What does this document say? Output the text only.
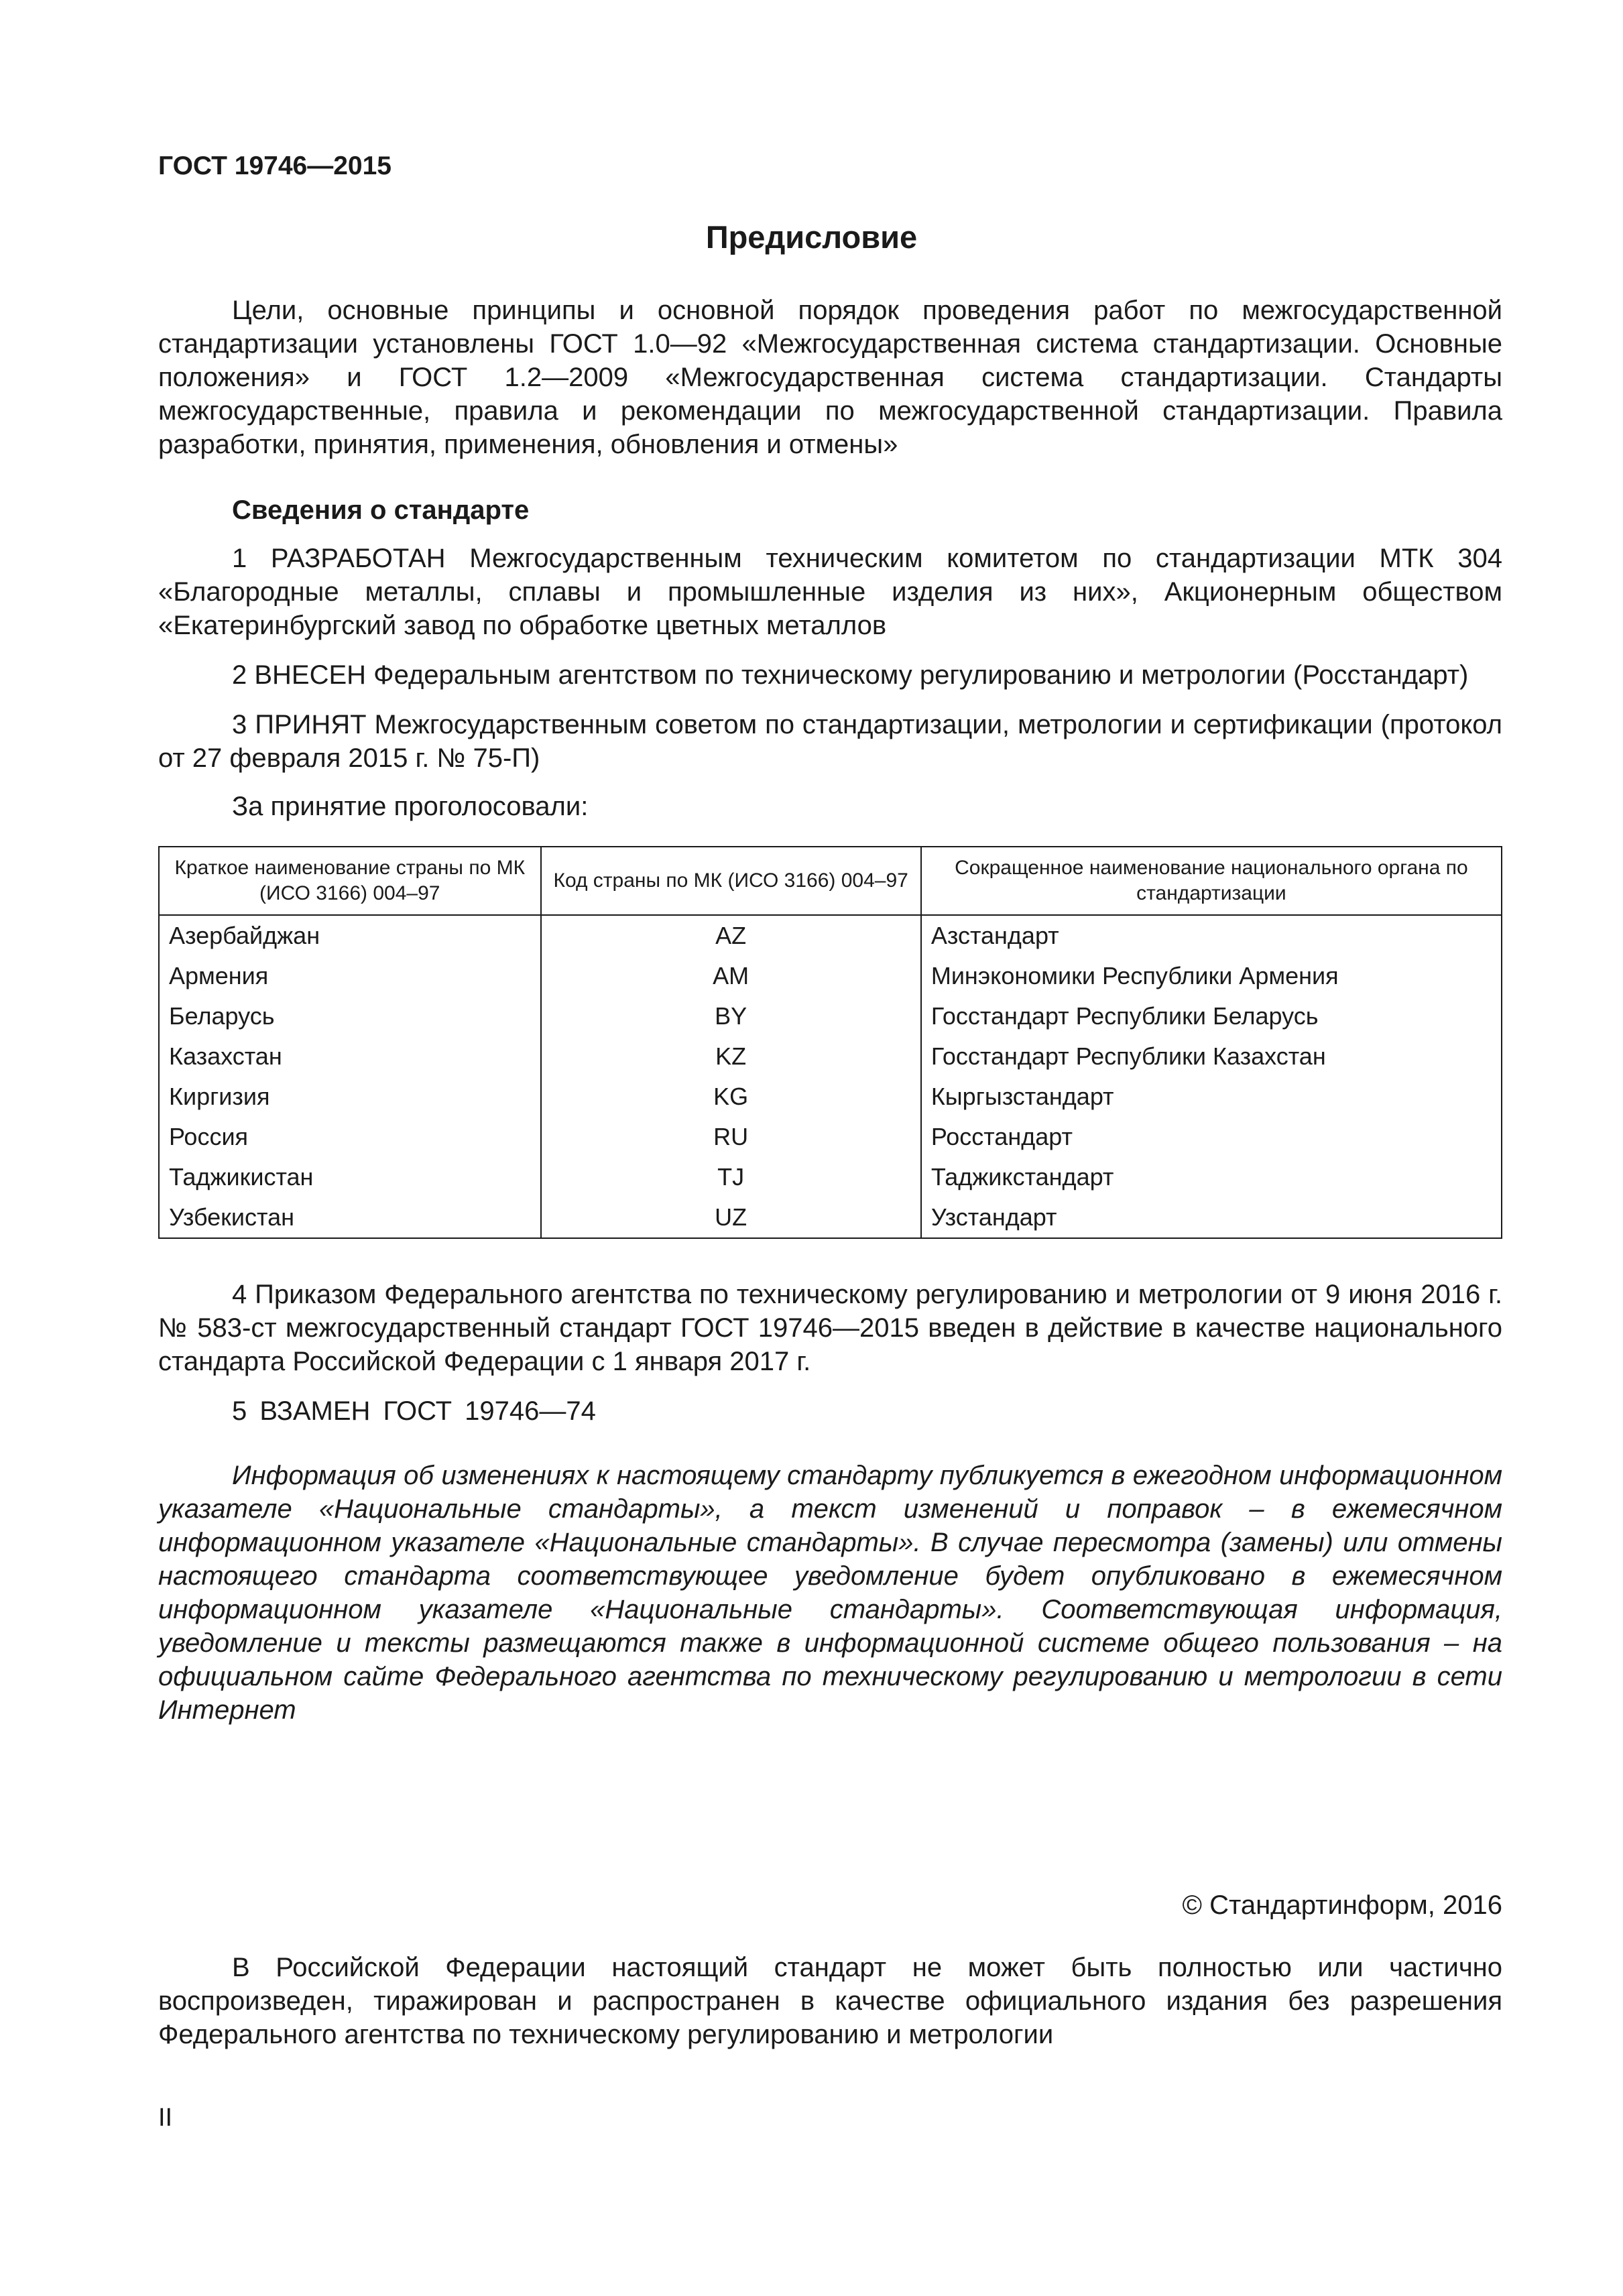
ГОСТ 19746—2015
Предисловие

Цели, основные принципы и основной порядок проведения работ по межгосударственной стандартизации установлены ГОСТ 1.0—92 «Межгосударственная система стандартизации. Основные положения» и ГОСТ 1.2—2009 «Межгосударственная система стандартизации. Стандарты межгосударственные, правила и рекомендации по межгосударственной стандартизации. Правила разработки, принятия, применения, обновления и отмены»

Сведения о стандарте

1 РАЗРАБОТАН Межгосударственным техническим комитетом по стандартизации МТК 304 «Благородные металлы, сплавы и промышленные изделия из них», Акционерным обществом «Екатеринбургский завод по обработке цветных металлов

2 ВНЕСЕН Федеральным агентством по техническому регулированию и метрологии (Росстандарт)

3 ПРИНЯТ Межгосударственным советом по стандартизации, метрологии и сертификации (протокол от 27 февраля 2015 г. № 75-П)

За принятие проголосовали:

Краткое наименование страны по МК (ИСО 3166) 004–97	Код страны по МК (ИСО 3166) 004–97	Сокращенное наименование национального органа по стандартизации
Азербайджан	AZ	Азстандарт
Армения	AM	Минэкономики Республики Армения
Беларусь	BY	Госстандарт Республики Беларусь
Казахстан	KZ	Госстандарт Республики Казахстан
Киргизия	KG	Кыргызстандарт
Россия	RU	Росстандарт
Таджикистан	TJ	Таджикстандарт
Узбекистан	UZ	Узстандарт

4 Приказом Федерального агентства по техническому регулированию и метрологии от 9 июня 2016 г. № 583-ст межгосударственный стандарт ГОСТ 19746—2015 введен в действие в качестве национального стандарта Российской Федерации с 1 января 2017 г.

5 ВЗАМЕН ГОСТ 19746—74

Информация об изменениях к настоящему стандарту публикуется в ежегодном информационном указателе «Национальные стандарты», а текст изменений и поправок – в ежемесячном информационном указателе «Национальные стандарты». В случае пересмотра (замены) или отмены настоящего стандарта соответствующее уведомление будет опубликовано в ежемесячном информационном указателе «Национальные стандарты». Соответствующая информация, уведомление и тексты размещаются также в информационной системе общего пользования – на официальном сайте Федерального агентства по техническому регулированию и метрологии в сети Интернет

© Стандартинформ, 2016

В Российской Федерации настоящий стандарт не может быть полностью или частично воспроизведен, тиражирован и распространен в качестве официального издания без разрешения Федерального агентства по техническому регулированию и метрологии

II
